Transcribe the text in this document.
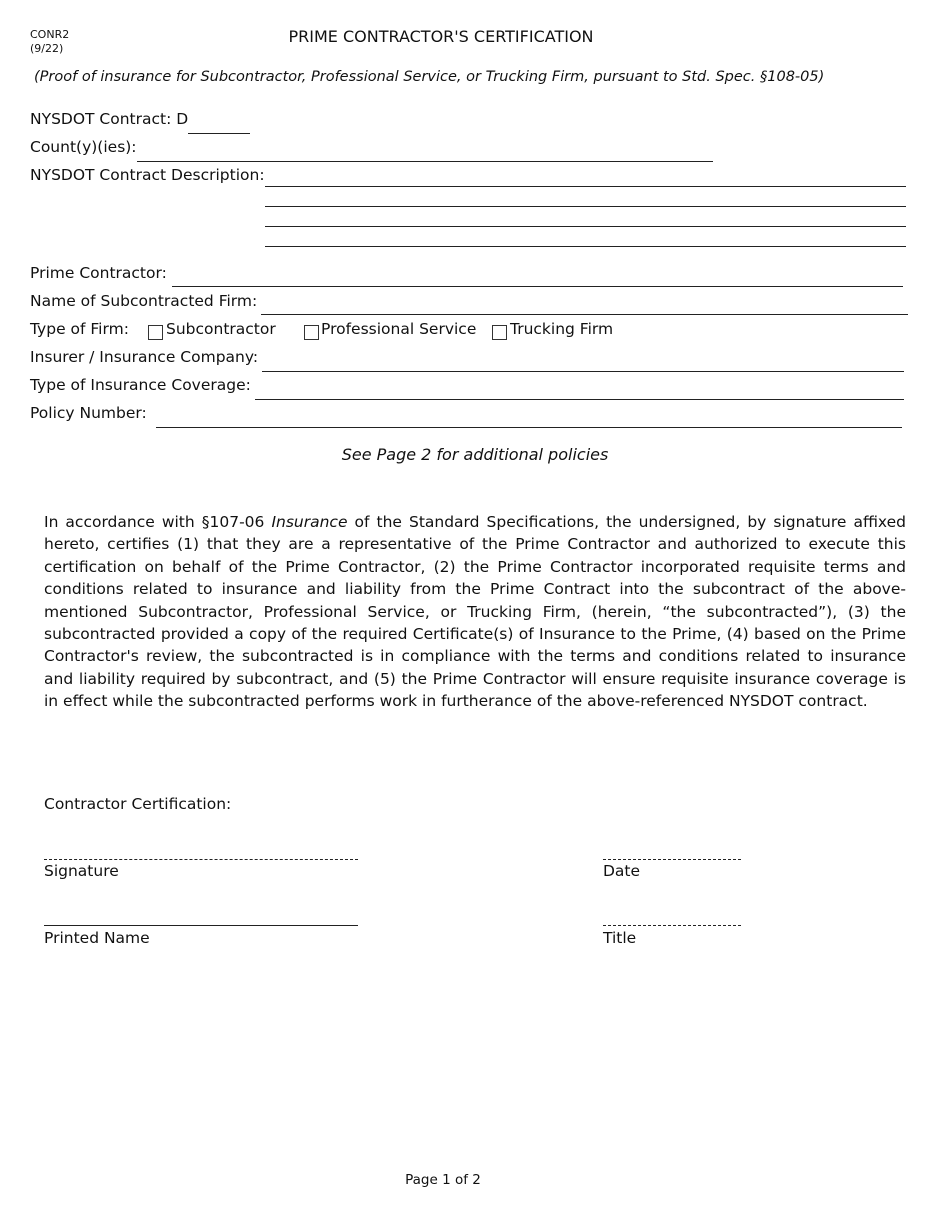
CONR2
(9/22)
PRIME CONTRACTOR'S CERTIFICATION
(Proof of insurance for Subcontractor, Professional Service, or Trucking Firm, pursuant to Std. Spec. §108-05)
NYSDOT Contract: D
Count(y)(ies):
NYSDOT Contract Description:
Prime Contractor:
Name of Subcontracted Firm:
Type of Firm: Subcontractor	Professional Service Trucking Firm
Insurer / Insurance Company:
Type of Insurance Coverage:
Policy Number:
See Page 2 for additional policies
In accordance with §107-06 Insurance of the Standard Specifications, the undersigned, by signature affixed hereto, certifies (1) that they are a representative of the Prime Contractor and authorized to execute this certification on behalf of the Prime Contractor, (2) the Prime Contractor incorporated requisite terms and conditions related to insurance and liability from the Prime Contract into the subcontract of the above-mentioned Subcontractor, Professional Service, or Trucking Firm, (herein, “the subcontracted”), (3) the subcontracted provided a copy of the required Certificate(s) of Insurance to the Prime, (4) based on the Prime Contractor's review, the subcontracted is in compliance with the terms and conditions related to insurance and liability required by subcontract, and (5) the Prime Contractor will ensure requisite insurance coverage is in effect while the subcontracted performs work in furtherance of the above-referenced NYSDOT contract.
Contractor Certification:
Signature	Date
Printed Name	Title
Page 1 of 2
